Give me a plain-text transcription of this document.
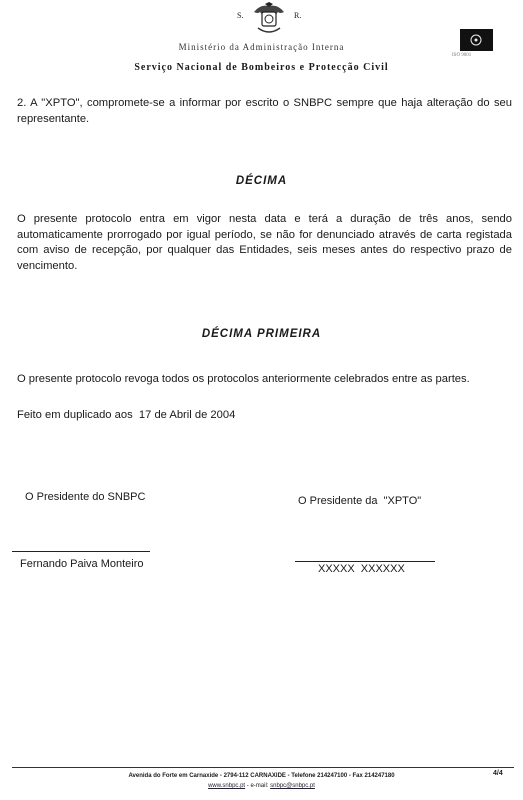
S.	R.
Ministério da Administração Interna
Serviço Nacional de Bombeiros e Protecção Civil
ISO 9001
2. A "XPTO", compromete-se a informar por escrito o SNBPC sempre que haja alteração do seu representante.
DÉCIMA
O presente protocolo entra em vigor nesta data e terá a duração de três anos, sendo automaticamente prorrogado por igual período, se não for denunciado através de carta registada com aviso de recepção, por qualquer das Entidades, seis meses antes do respectivo prazo de vencimento.
DÉCIMA PRIMEIRA
O presente protocolo revoga todos os protocolos anteriormente celebrados entre as partes.
Feito em duplicado aos  17 de Abril de 2004
O Presidente do SNBPC	O Presidente da  "XPTO"
Fernando Paiva Monteiro	XXXXX  XXXXXX
Avenida do Forte em Carnaxide - 2794-112 CARNAXIDE - Telefone 214247100 - Fax 214247180
www.snbpc.pt - e-mail: snbpc@snbpc.pt
4/4
